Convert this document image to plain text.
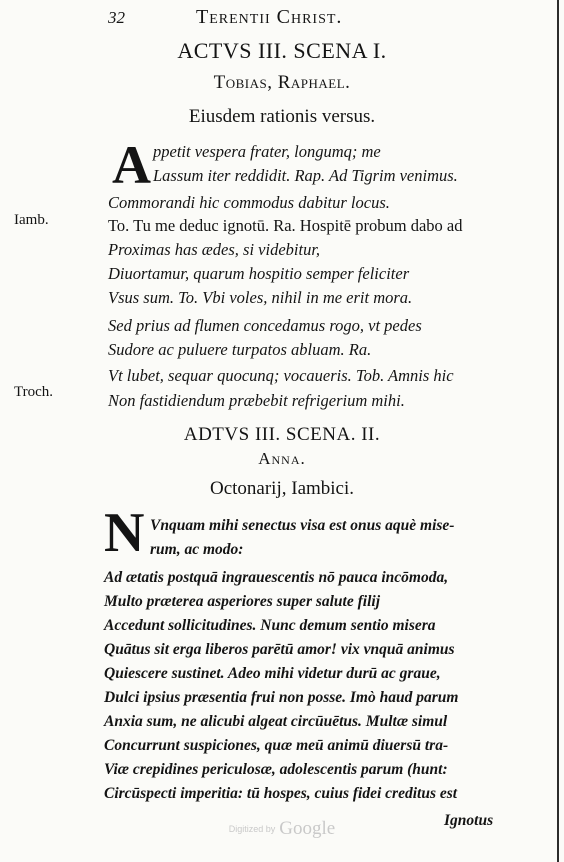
32	Terentii Christ.
ACTVS III. SCENA I.
Tobias, Raphael.
Eiusdem rationis versus.
A ppetit vespera frater, longumq; me
Lassum iter reddidit. Rap. Ad Tigrim venimus.
Commorandi hic commodus dabitur locus.
To. Tu me deduc ignotū. Ra. Hospitē probum dabo ad
Proximas has ædes, si videbitur,
Diuortamur, quarum hospitio semper feliciter
Vsus sum. To. Vbi voles, nihil in me erit mora.
Sed prius ad flumen concedamus rogo, vt pedes
Sudore ac puluere turpatos abluam. Ra.
Vt lubet, sequar quocunq; vocaueris. Tob. Amnis hic
Non fastidiendum præbebit refrigerium mihi.
Iamb.
Troch.
ADTVS III. SCENA. II.
Anna.
Octonarij, Iambici.
N Vnquam mihi senectus visa est onus aquè mise-
rum, ac modo:
Ad ætatis postquā ingrauescentis nō pauca incōmoda,
Multo præterea asperiores super salute filij
Accedunt sollicitudines. Nunc demum sentio misera
Quātus sit erga liberos parētū amor! vix vnquā animus
Quiescere sustinet. Adeo mihi videtur durū ac graue,
Dulci ipsius præsentia frui non posse. Imò haud parum
Anxia sum, ne alicubi algeat circūuētus. Multæ simul
Concurrunt suspiciones, quæ meū animū diuersū tra-
Viæ crepidines periculosæ, adolescentis parum (hunt:
Circūspecti imperitia: tū hospes, cuius fidei creditus est
Ignotus
Digitized by Google
